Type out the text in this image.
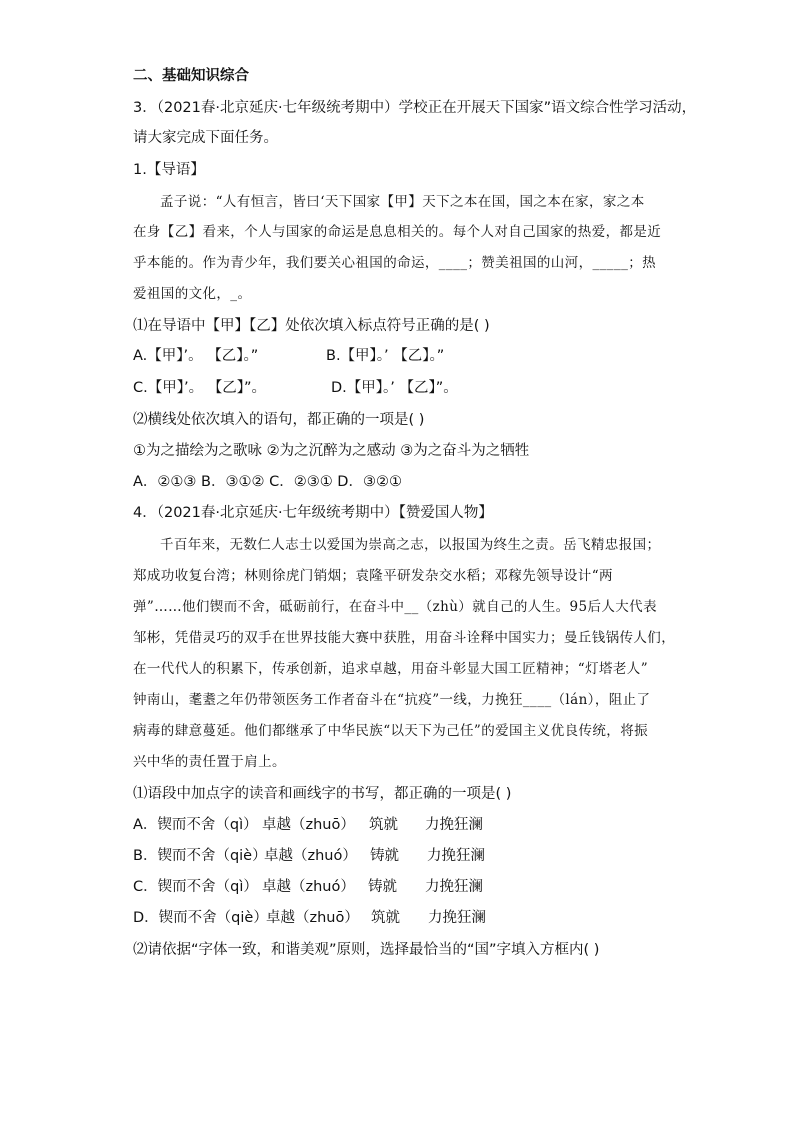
二、基础知识综合
3．（2021春·北京延庆·七年级统考期中）学校正在开展天下国家”语文综合性学习活动，
请大家完成下面任务。
1.【导语】
孟子说：“人有恒言，皆曰‘天下国家【甲】天下之本在国，国之本在家，家之本
在身【乙】看来，个人与国家的命运是息息相关的。每个人对自己国家的热爱，都是近
乎本能的。作为青少年，我们要关心祖国的命运，____；赞美祖国的山河，_____；热
爱祖国的文化，_。
⑴在导语中【甲】【乙】处依次填入标点符号正确的是( )
A.【甲】’。 【乙】。”	B.【甲】。’ 【乙】。”
C.【甲】’。 【乙】”。	D.【甲】。’ 【乙】”。
⑵横线处依次填入的语句，都正确的一项是( )
①为之描绘为之歌咏 ②为之沉醉为之感动 ③为之奋斗为之牺牲
A．②①③ B．③①② C．②③① D．③②①
4．（2021春·北京延庆·七年级统考期中）【赞爱国人物】
千百年来，无数仁人志士以爱国为崇高之志，以报国为终生之责。岳飞精忠报国；
郑成功收复台湾；林则徐虎门销烟；袁隆平研发杂交水稻；邓稼先领导设计“两
弹”……他们锲而不舍，砥砺前行，在奋斗中__（zhù）就自己的人生。95后人大代表
邹彬，凭借灵巧的双手在世界技能大赛中获胜，用奋斗诠释中国实力；曼丘钱锅传人们，
在一代代人的积累下，传承创新，追求卓越，用奋斗彰显大国工匠精神；“灯塔老人”
钟南山，耄耋之年仍带领医务工作者奋斗在“抗疫”一线，力挽狂____（lán），阻止了
病毒的肆意蔓延。他们都继承了中华民族“以天下为己任”的爱国主义优良传统，将振
兴中华的责任置于肩上。
⑴语段中加点字的读音和画线字的书写，都正确的一项是( )
A．锲而不舍（qì） 卓越（zhuō） 筑就 力挽狂澜
B．锲而不舍（qiè）
卓越（zhuó） 铸就 力挽狂澜
C．锲而不舍（qì） 卓越（zhuó） 铸就 力挽狂澜
D．锲而不舍（qiè）
卓越（zhuō） 筑就 力挽狂澜
⑵请依据“字体一致，和谐美观”原则，选择最恰当的“国”字填入方框内( )
